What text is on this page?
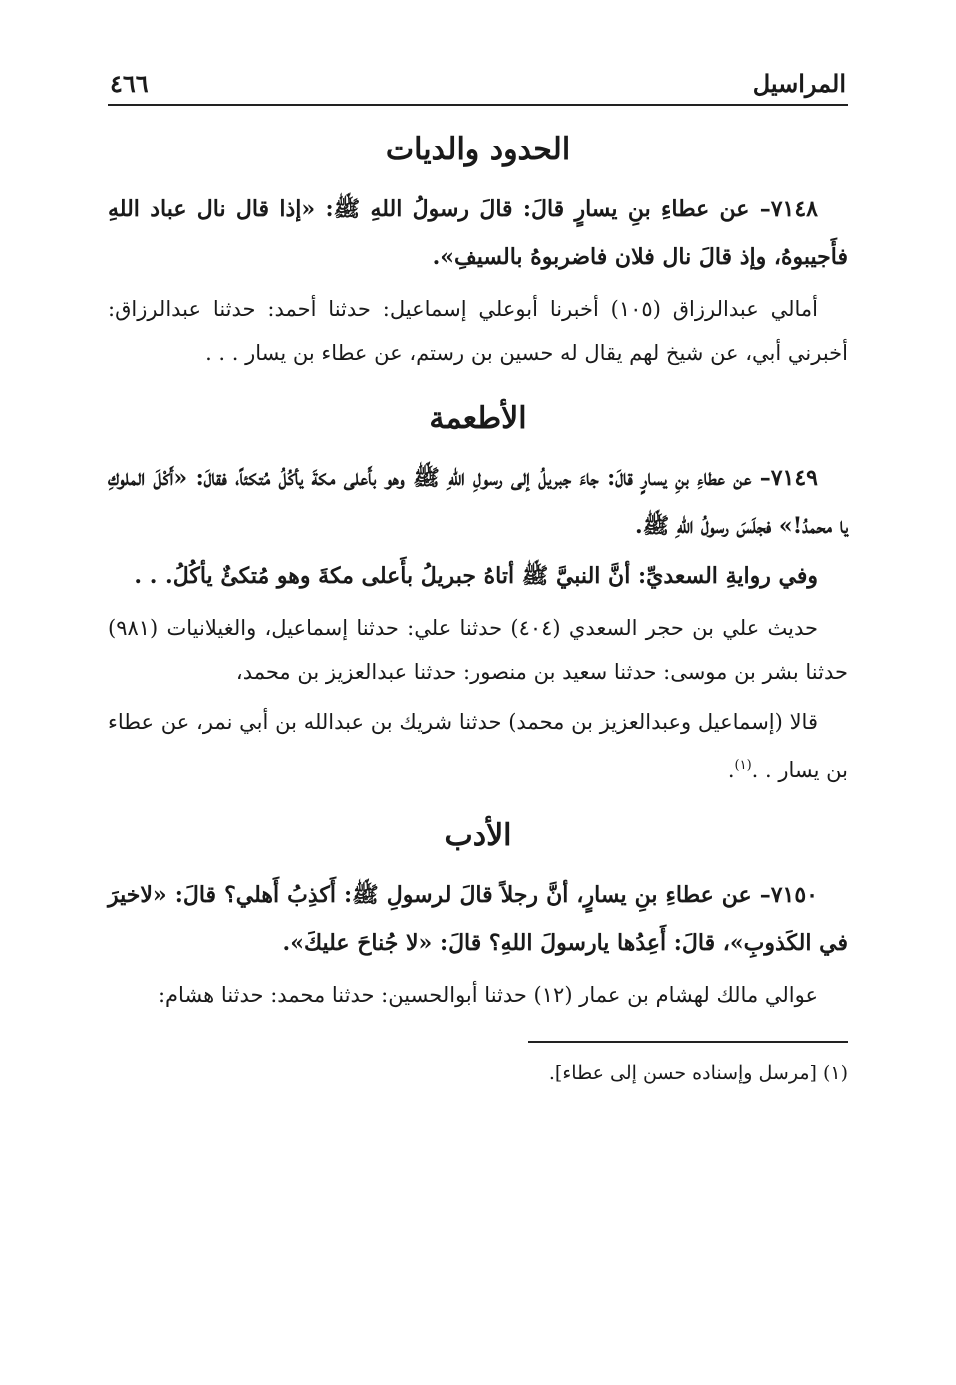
المراسيل
٤٦٦
الحدود والديات

٧١٤٨– عن عطاءِ بنِ يسارٍ قالَ: قالَ رسولُ اللهِ ﷺ: «إذا قال نال عباد اللهِ فأَجيبوهُ، وإذ قالَ نال فلان فاضربوهُ بالسيفِ».

أمالي عبدالرزاق (١٠٥) أخبرنا أبوعلي إسماعيل: حدثنا أحمد: حدثنا عبدالرزاق: أخبرني أبي، عن شيخ لهم يقال له حسين بن رستم، عن عطاء بن يسار . . .

الأطعمة

٧١٤٩– عن عطاءِ بنِ يسارٍ قالَ: جاءَ جبريلُ إلى رسولِ اللهِ ﷺ وهو بأَعلى مكةَ يأكُلُ مُتكئاً، فقالَ: «أَكْلَ الملوكِ يا محمدُ!» فجلَسَ رسولُ اللهِ ﷺ.

وفي روايةِ السعديِّ: أنَّ النبيَّ ﷺ أتاهُ جبريلُ بأَعلى مكةَ وهو مُتكئٌ يأكُلُ. . .

حديث علي بن حجر السعدي (٤٠٤) حدثنا علي: حدثنا إسماعيل، والغيلانيات (٩٨١) حدثنا بشر بن موسى: حدثنا سعيد بن منصور: حدثنا عبدالعزيز بن محمد،

قالا (إسماعيل وعبدالعزيز بن محمد) حدثنا شريك بن عبدالله بن أبي نمر، عن عطاء بن يسار . .$^{(١)}$.

الأدب

٧١٥٠– عن عطاءِ بنِ يسارٍ، أنَّ رجلاً قالَ لرسولِ ﷺ: أَكذِبُ أَهلي؟ قالَ: «لاخيرَ في الكَذوبِ»، قالَ: أَعِدُها يارسولَ اللهِ؟ قالَ: «لا جُناحَ عليكَ».

عوالي مالك لهشام بن عمار (١٢) حدثنا أبوالحسين: حدثنا محمد: حدثنا هشام:

(١) [مرسل وإسناده حسن إلى عطاء].
